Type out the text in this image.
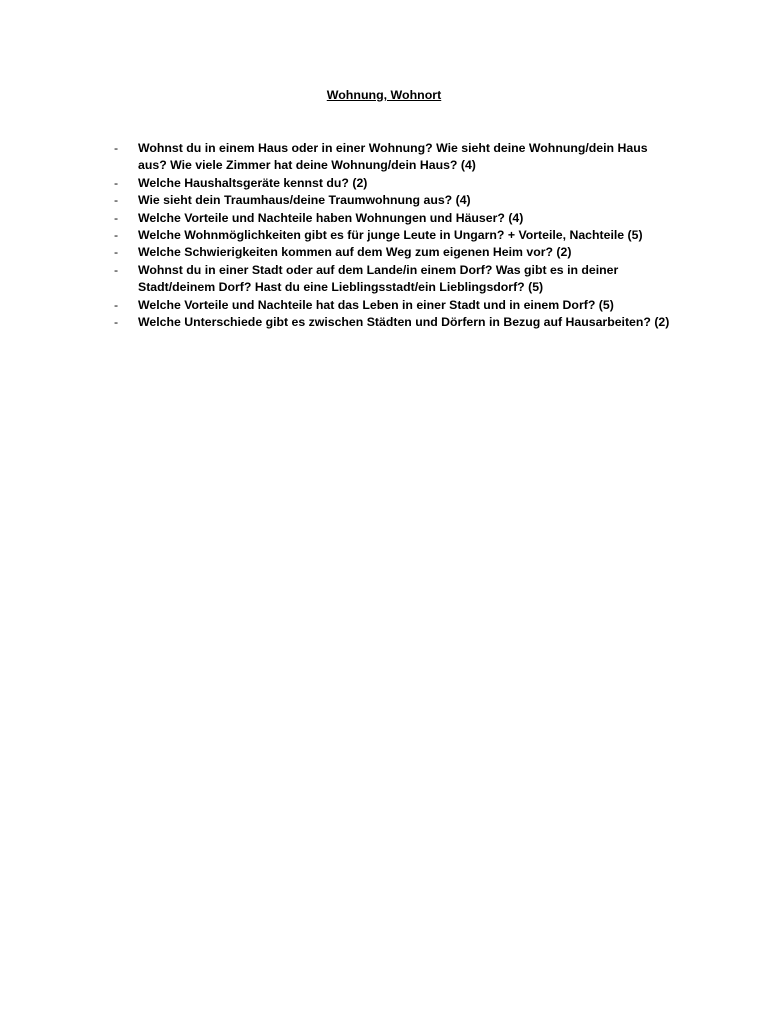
Wohnung, Wohnort
- Wohnst du in einem Haus oder in einer Wohnung? Wie sieht deine Wohnung/dein Haus aus? Wie viele Zimmer hat deine Wohnung/dein Haus? (4)
- Welche Haushaltsgeräte kennst du? (2)
- Wie sieht dein Traumhaus/deine Traumwohnung aus? (4)
- Welche Vorteile und Nachteile haben Wohnungen und Häuser? (4)
- Welche Wohnmöglichkeiten gibt es für junge Leute in Ungarn? + Vorteile, Nachteile (5)
- Welche Schwierigkeiten kommen auf dem Weg zum eigenen Heim vor? (2)
- Wohnst du in einer Stadt oder auf dem Lande/in einem Dorf? Was gibt es in deiner Stadt/deinem Dorf? Hast du eine Lieblingsstadt/ein Lieblingsdorf? (5)
- Welche Vorteile und Nachteile hat das Leben in einer Stadt und in einem Dorf? (5)
- Welche Unterschiede gibt es zwischen Städten und Dörfern in Bezug auf Hausarbeiten? (2)
